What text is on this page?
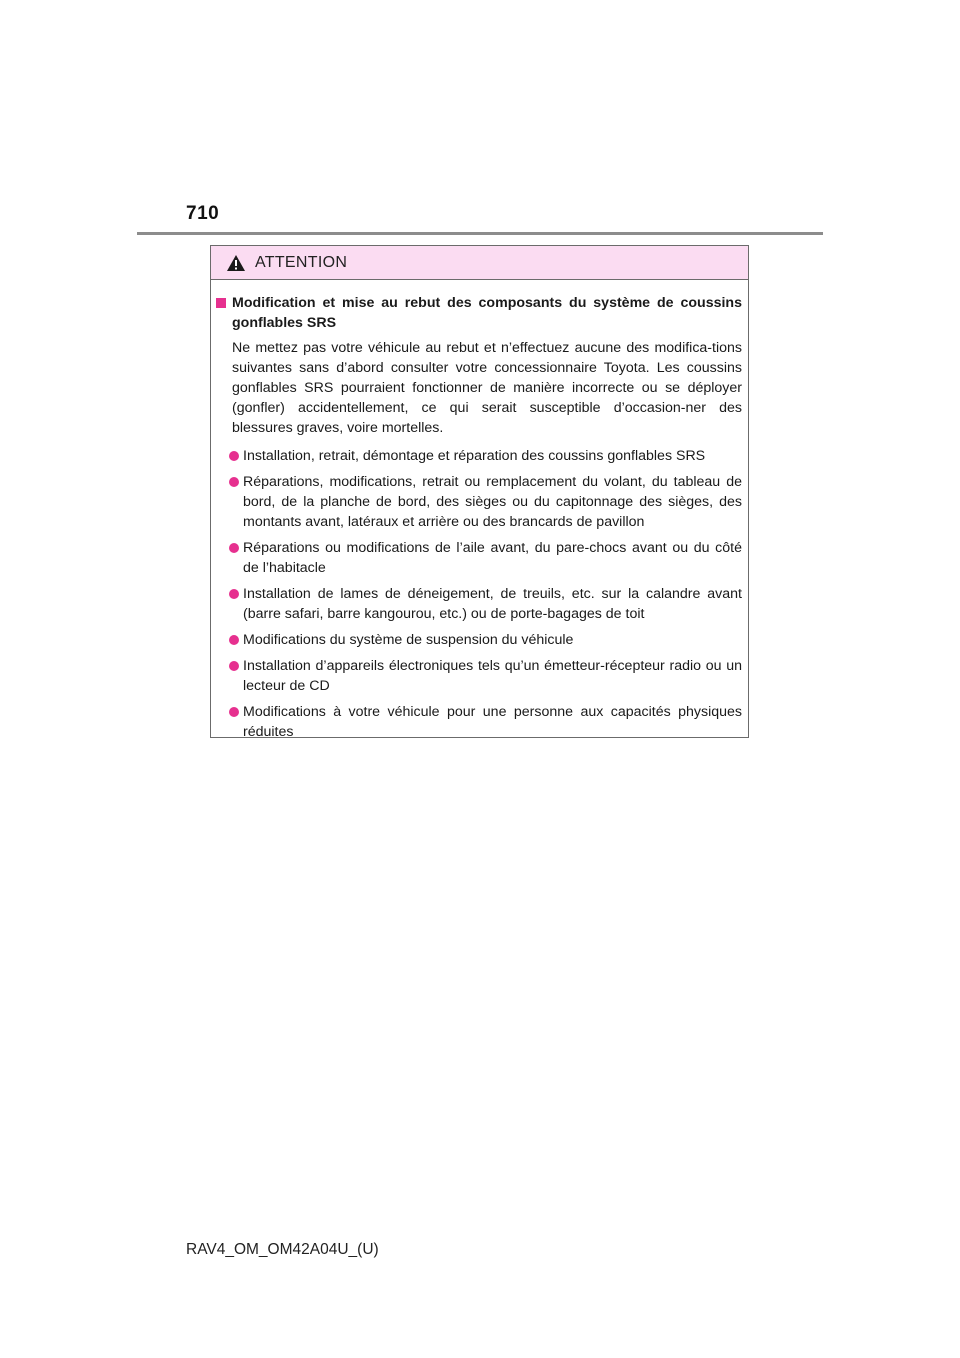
710
ATTENTION
Modification et mise au rebut des composants du système de coussins gonflables SRS

Ne mettez pas votre véhicule au rebut et n’effectuez aucune des modifica-tions suivantes sans d’abord consulter votre concessionnaire Toyota. Les coussins gonflables SRS pourraient fonctionner de manière incorrecte ou se déployer (gonfler) accidentellement, ce qui serait susceptible d’occasion-ner des blessures graves, voire mortelles.

Installation, retrait, démontage et réparation des coussins gonflables SRS
Réparations, modifications, retrait ou remplacement du volant, du tableau de bord, de la planche de bord, des sièges ou du capitonnage des sièges, des montants avant, latéraux et arrière ou des brancards de pavillon
Réparations ou modifications de l’aile avant, du pare-chocs avant ou du côté de l’habitacle
Installation de lames de déneigement, de treuils, etc. sur la calandre avant (barre safari, barre kangourou, etc.) ou de porte-bagages de toit
Modifications du système de suspension du véhicule
Installation d’appareils électroniques tels qu’un émetteur-récepteur radio ou un lecteur de CD
Modifications à votre véhicule pour une personne aux capacités physiques réduites
RAV4_OM_OM42A04U_(U)
